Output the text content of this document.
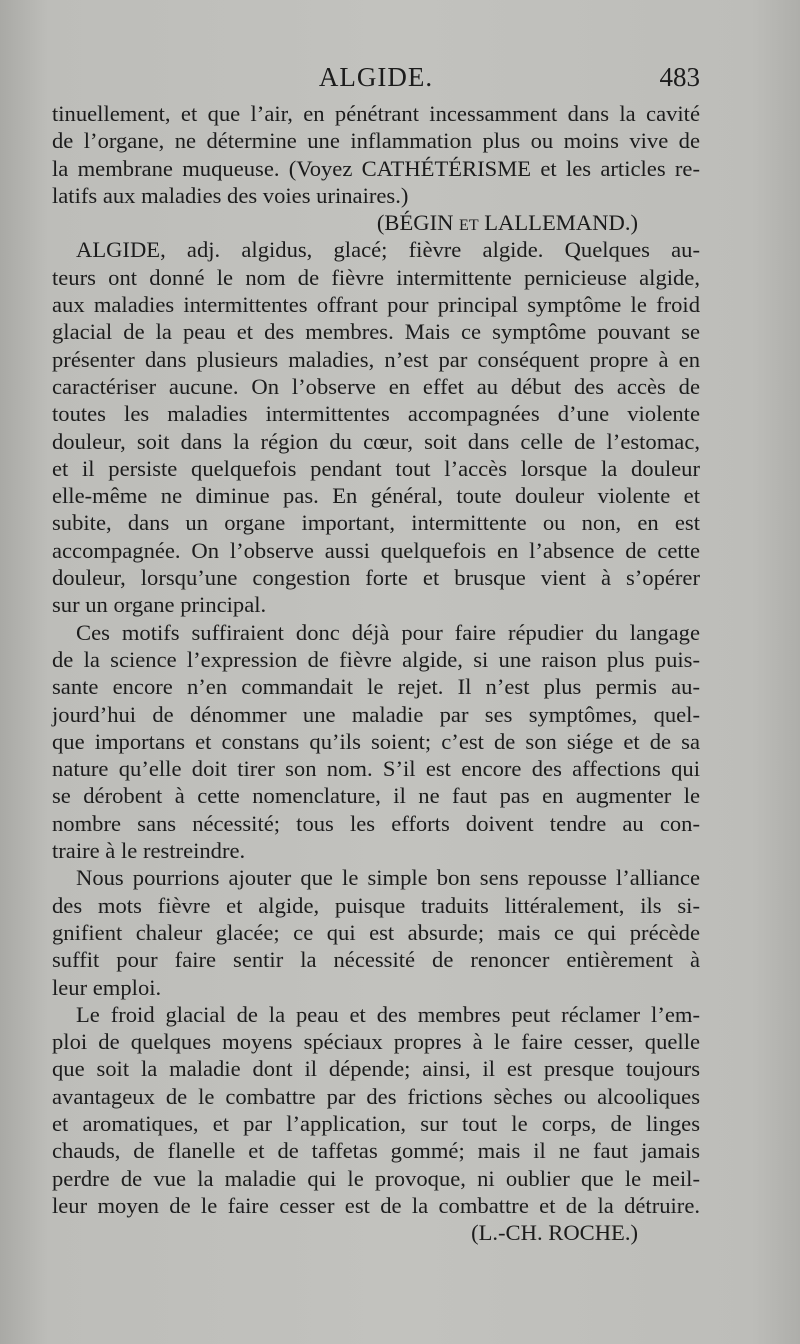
ALGIDE.	483
tinuellement, et que l’air, en pénétrant incessamment dans la cavité
de l’organe, ne détermine une inflammation plus ou moins vive de
la membrane muqueuse. (Voyez CATHÉTÉRISME et les articles re-
latifs aux maladies des voies urinaires.)
(BÉGIN et LALLEMAND.)
ALGIDE, adj. algidus, glacé; fièvre algide. Quelques au-
teurs ont donné le nom de fièvre intermittente pernicieuse algide,
aux maladies intermittentes offrant pour principal symptôme le froid
glacial de la peau et des membres. Mais ce symptôme pouvant se
présenter dans plusieurs maladies, n’est par conséquent propre à en
caractériser aucune. On l’observe en effet au début des accès de
toutes les maladies intermittentes accompagnées d’une violente
douleur, soit dans la région du cœur, soit dans celle de l’estomac,
et il persiste quelquefois pendant tout l’accès lorsque la douleur
elle-même ne diminue pas. En général, toute douleur violente et
subite, dans un organe important, intermittente ou non, en est
accompagnée. On l’observe aussi quelquefois en l’absence de cette
douleur, lorsqu’une congestion forte et brusque vient à s’opérer
sur un organe principal.
Ces motifs suffiraient donc déjà pour faire répudier du langage
de la science l’expression de fièvre algide, si une raison plus puis-
sante encore n’en commandait le rejet. Il n’est plus permis au-
jourd’hui de dénommer une maladie par ses symptômes, quel-
que importans et constans qu’ils soient; c’est de son siége et de sa
nature qu’elle doit tirer son nom. S’il est encore des affections qui
se dérobent à cette nomenclature, il ne faut pas en augmenter le
nombre sans nécessité; tous les efforts doivent tendre au con-
traire à le restreindre.
Nous pourrions ajouter que le simple bon sens repousse l’alliance
des mots fièvre et algide, puisque traduits littéralement, ils si-
gnifient chaleur glacée; ce qui est absurde; mais ce qui précède
suffit pour faire sentir la nécessité de renoncer entièrement à
leur emploi.
Le froid glacial de la peau et des membres peut réclamer l’em-
ploi de quelques moyens spéciaux propres à le faire cesser, quelle
que soit la maladie dont il dépende; ainsi, il est presque toujours
avantageux de le combattre par des frictions sèches ou alcooliques
et aromatiques, et par l’application, sur tout le corps, de linges
chauds, de flanelle et de taffetas gommé; mais il ne faut jamais
perdre de vue la maladie qui le provoque, ni oublier que le meil-
leur moyen de le faire cesser est de la combattre et de la détruire.
(L.-CH. ROCHE.)
